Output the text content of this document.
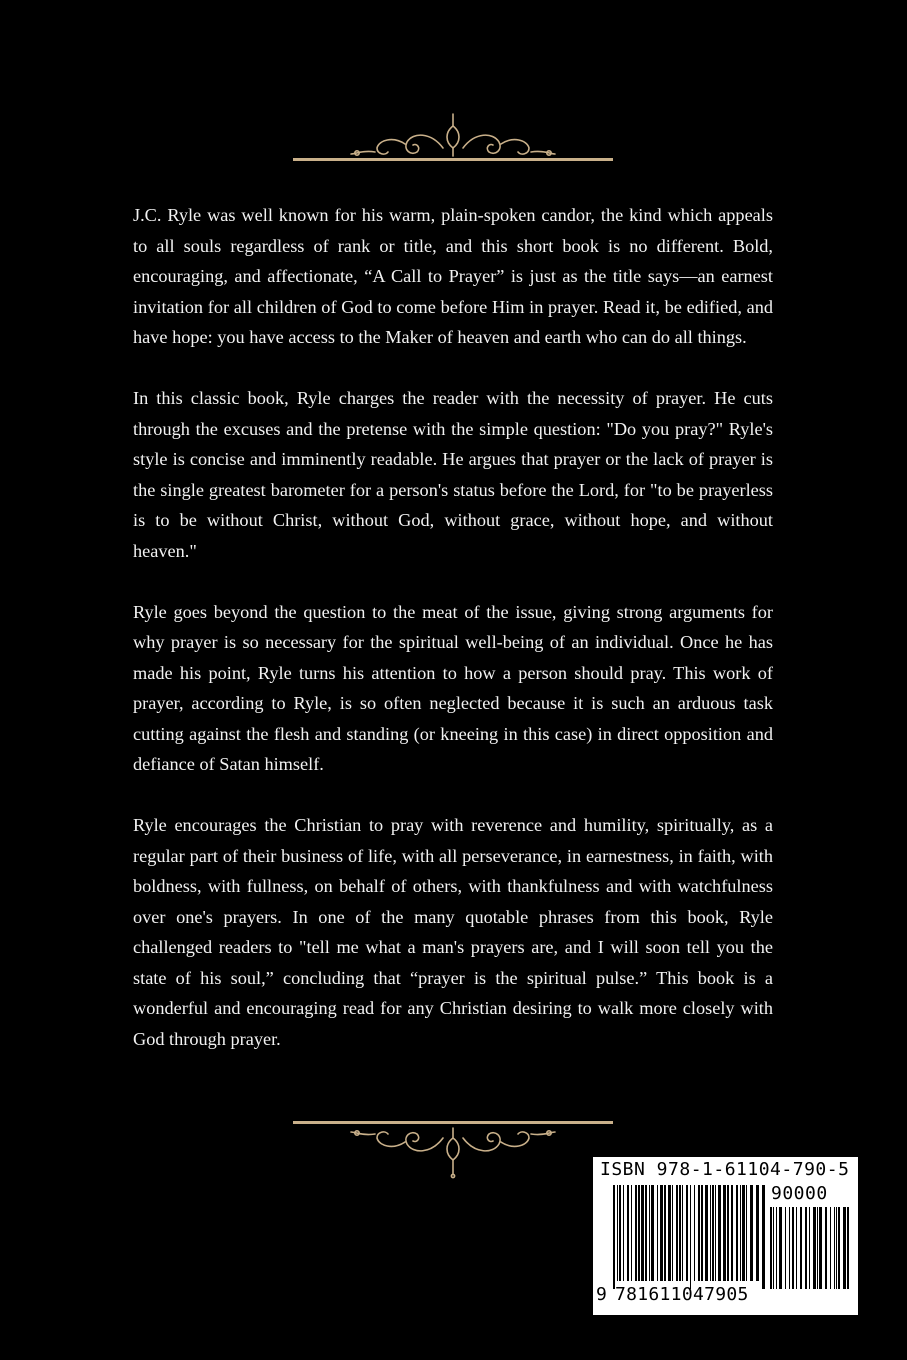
J.C. Ryle was well known for his warm, plain-spoken candor, the kind which appeals to all souls regardless of rank or title, and this short book is no different. Bold, encouraging, and affectionate, “A Call to Prayer” is just as the title says—an earnest invitation for all children of God to come before Him in prayer. Read it, be edified, and have hope: you have access to the Maker of heaven and earth who can do all things.

In this classic book, Ryle charges the reader with the necessity of prayer. He cuts through the excuses and the pretense with the simple question: "Do you pray?" Ryle's style is concise and imminently readable. He argues that prayer or the lack of prayer is the single greatest barometer for a person's status before the Lord, for "to be prayerless is to be without Christ, without God, without grace, without hope, and without heaven."

Ryle goes beyond the question to the meat of the issue, giving strong arguments for why prayer is so necessary for the spiritual well-being of an individual. Once he has made his point, Ryle turns his attention to how a person should pray. This work of prayer, according to Ryle, is so often neglected because it is such an arduous task cutting against the flesh and standing (or kneeing in this case) in direct opposition and defiance of Satan himself.

Ryle encourages the Christian to pray with reverence and humility, spiritually, as a regular part of their business of life, with all perseverance, in earnestness, in faith, with boldness, with fullness, on behalf of others, with thankfulness and with watchfulness over one's prayers. In one of the many quotable phrases from this book, Ryle challenged readers to "tell me what a man's prayers are, and I will soon tell you the state of his soul,” concluding that “prayer is the spiritual pulse.” This book is a wonderful and encouraging read for any Christian desiring to walk more closely with God through prayer.

ISBN 978-1-61104-790-5
90000
9 781611047905
